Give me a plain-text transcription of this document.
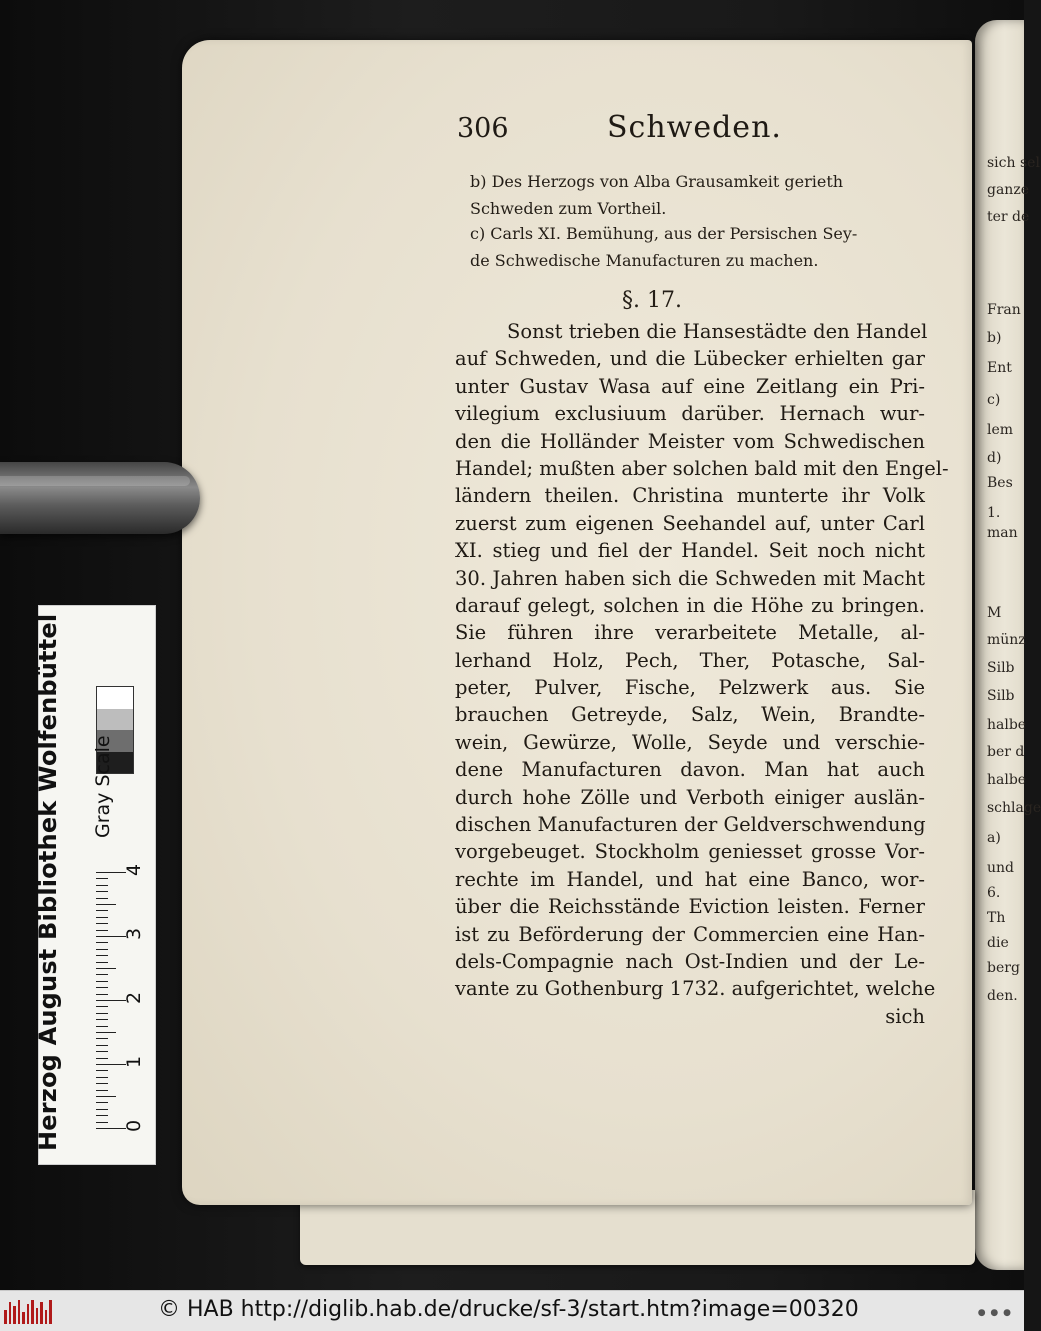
sich sel
ganze
ter de
Fran
b)
Ent
c)
lem
d)
Bes
1.
man
M
münz
Silb
Silb
halbe
ber d
halbe
schlage
a)
und
6.
Th
die
berg
den.
306	Schweden.
b) Des Herzogs von Alba Grausamkeit gerieth
Schweden zum Vortheil.
c) Carls XI. Bemühung, aus der Persischen Sey-
de Schwedische Manufacturen zu machen.
§. 17.
Sonst trieben die Hansestädte den Handel
auf Schweden, und die Lübecker erhielten gar
unter Gustav Wasa auf eine Zeitlang ein Pri-
vilegium exclusiuum darüber. Hernach wur-
den die Holländer Meister vom Schwedischen
Handel; mußten aber solchen bald mit den Engel-
ländern theilen. Christina munterte ihr Volk
zuerst zum eigenen Seehandel auf, unter Carl
XI. stieg und fiel der Handel. Seit noch nicht
30. Jahren haben sich die Schweden mit Macht
darauf gelegt, solchen in die Höhe zu bringen.
Sie führen ihre verarbeitete Metalle, al-
lerhand Holz, Pech, Ther, Potasche, Sal-
peter, Pulver, Fische, Pelzwerk aus. Sie
brauchen Getreyde, Salz, Wein, Brandte-
wein, Gewürze, Wolle, Seyde und verschie-
dene Manufacturen davon. Man hat auch
durch hohe Zölle und Verboth einiger auslän-
dischen Manufacturen der Geldverschwendung
vorgebeuget. Stockholm geniesset grosse Vor-
rechte im Handel, und hat eine Banco, wor-
über die Reichsstände Eviction leisten. Ferner
ist zu Beförderung der Commercien eine Han-
dels-Compagnie nach Ost-Indien und der Le-
vante zu Gothenburg 1732. aufgerichtet, welche
sich
Herzog August Bibliothek Wolfenbüttel	Gray Scale
0
1
2
3
4
© HAB http://diglib.hab.de/drucke/sf-3/start.htm?image=00320	● ● ●
